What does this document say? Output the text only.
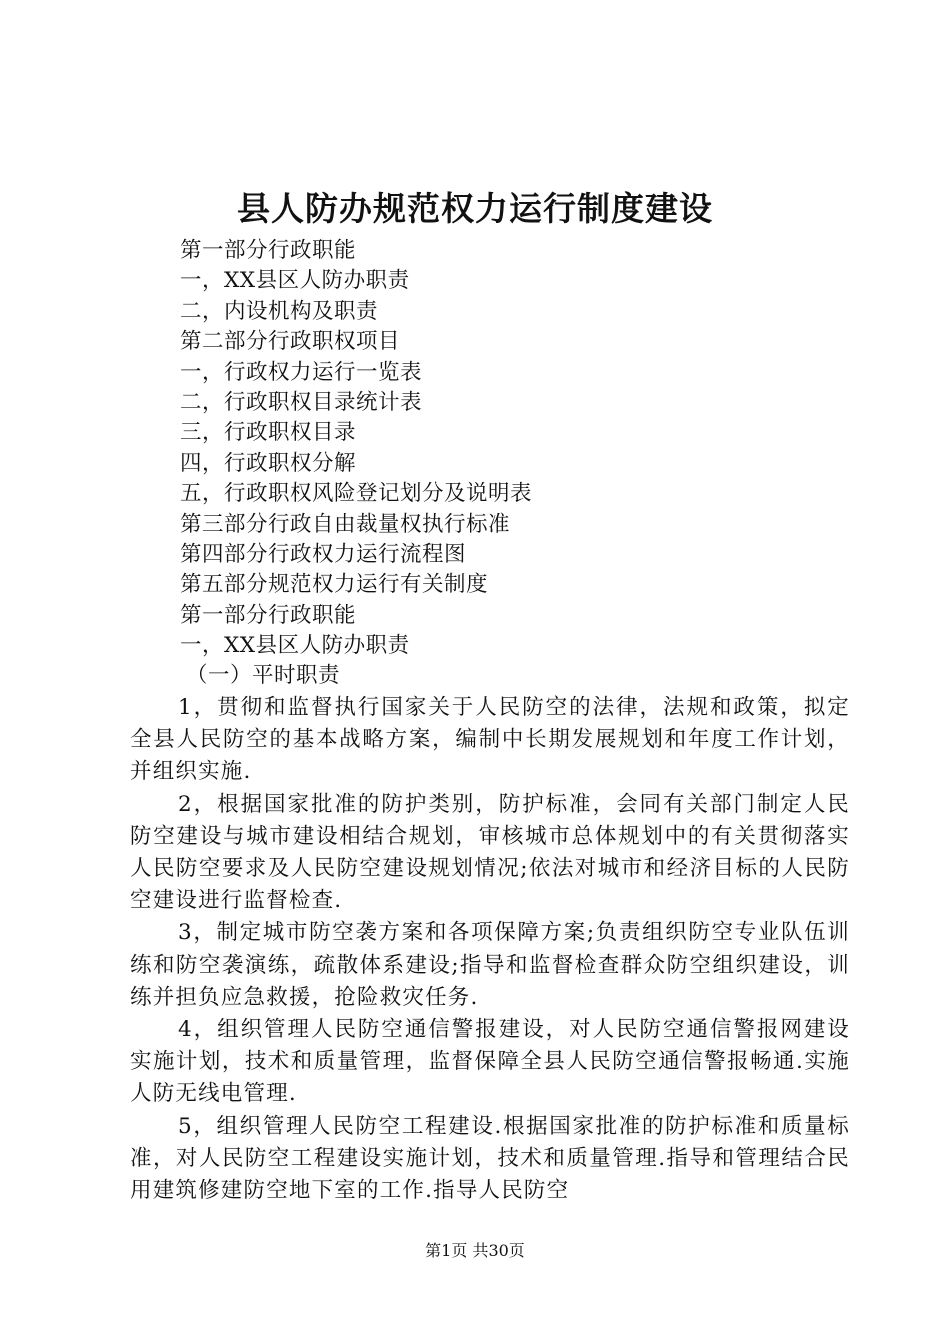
县人防办规范权力运行制度建设
第一部分行政职能
一，XX县区人防办职责
二，内设机构及职责
第二部分行政职权项目
一，行政权力运行一览表
二，行政职权目录统计表
三，行政职权目录
四，行政职权分解
五，行政职权风险登记划分及说明表
第三部分行政自由裁量权执行标准
第四部分行政权力运行流程图
第五部分规范权力运行有关制度
第一部分行政职能
一，XX县区人防办职责
（一）平时职责

1，贯彻和监督执行国家关于人民防空的法律，法规和政策，拟定全县人民防空的基本战略方案，编制中长期发展规划和年度工作计划，并组织实施.

2，根据国家批准的防护类别，防护标准，会同有关部门制定人民防空建设与城市建设相结合规划，审核城市总体规划中的有关贯彻落实人民防空要求及人民防空建设规划情况;依法对城市和经济目标的人民防空建设进行监督检查.

3，制定城市防空袭方案和各项保障方案;负责组织防空专业队伍训练和防空袭演练，疏散体系建设;指导和监督检查群众防空组织建设，训练并担负应急救援，抢险救灾任务.

4，组织管理人民防空通信警报建设，对人民防空通信警报网建设实施计划，技术和质量管理，监督保障全县人民防空通信警报畅通.实施人防无线电管理.

5，组织管理人民防空工程建设.根据国家批准的防护标准和质量标准，对人民防空工程建设实施计划，技术和质量管理.指导和管理结合民用建筑修建防空地下室的工作.指导人民防空

第1页 共30页
